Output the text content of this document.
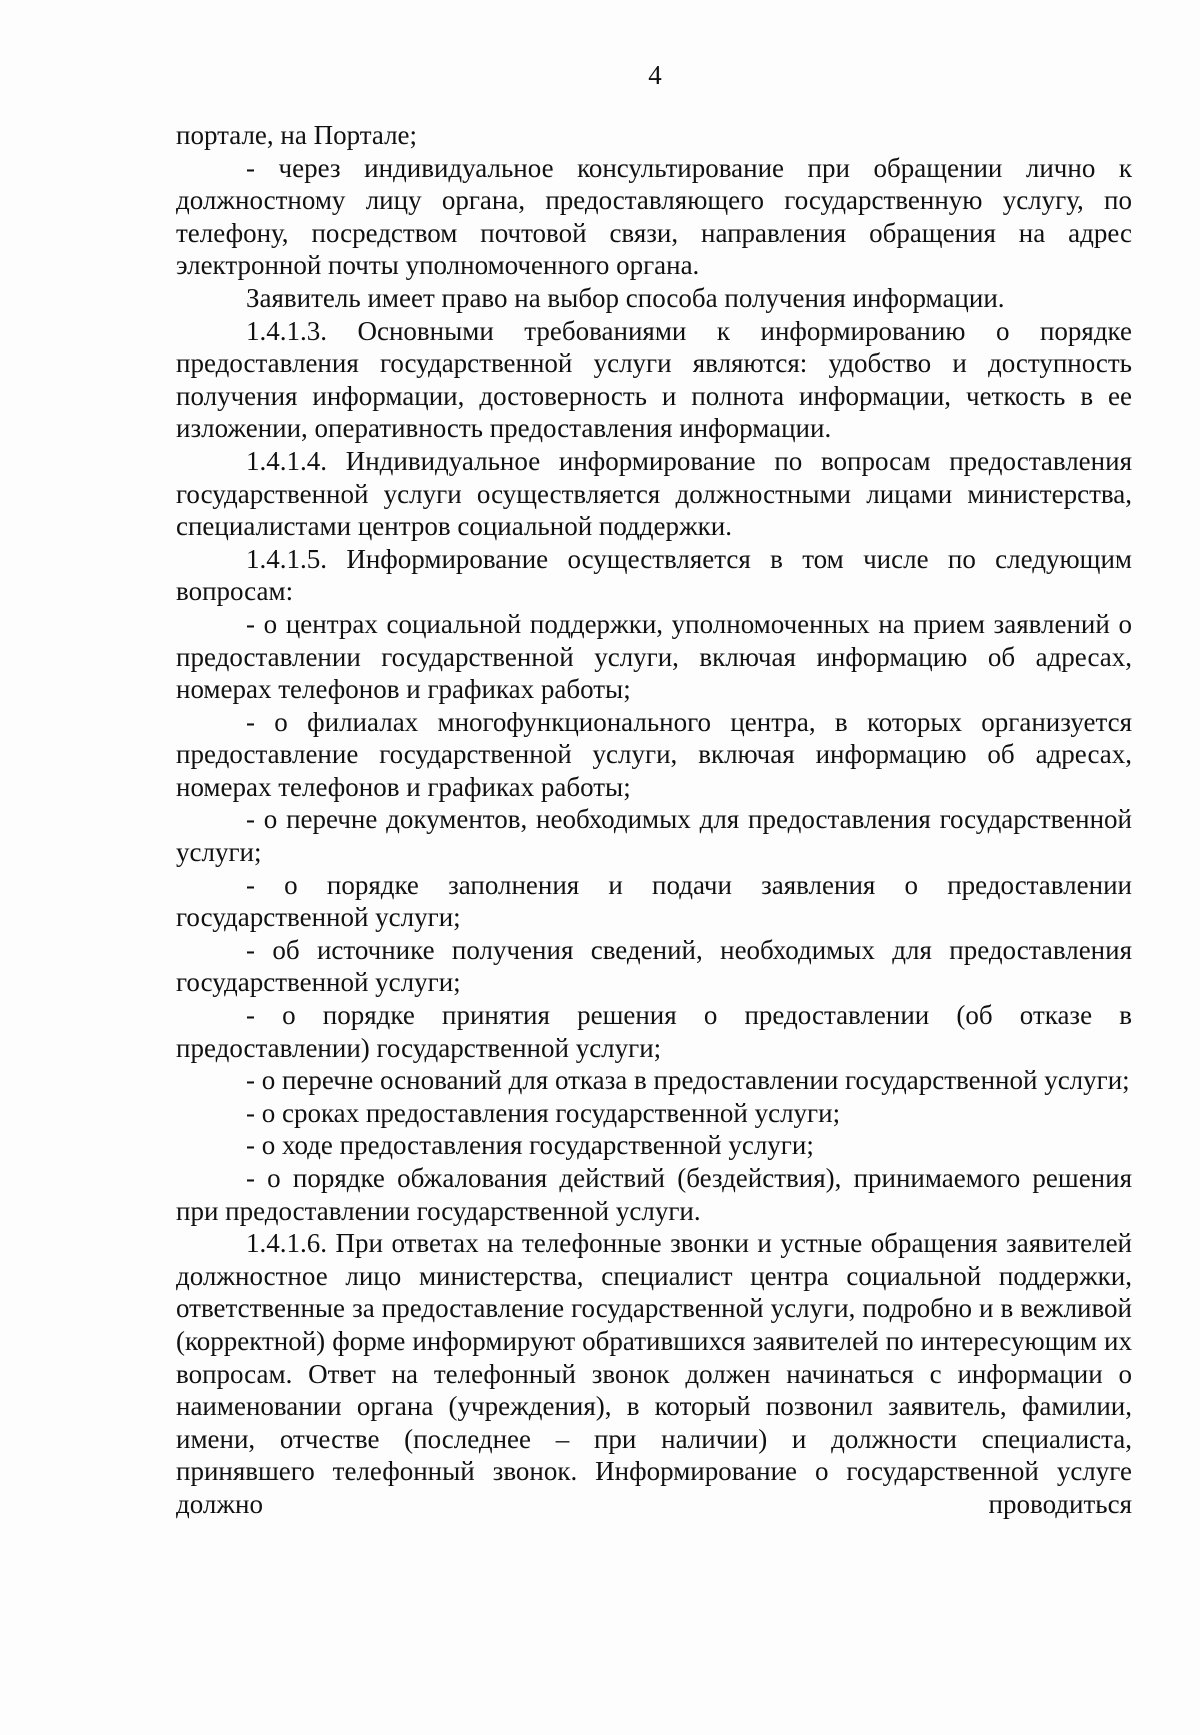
4

портале, на Портале;

- через индивидуальное консультирование при обращении лично к должностному лицу органа, предоставляющего государственную услугу, по телефону, посредством почтовой связи, направления обращения на адрес электронной почты уполномоченного органа.

Заявитель имеет право на выбор способа получения информации.

1.4.1.3. Основными требованиями к информированию о порядке предоставления государственной услуги являются: удобство и доступность получения информации, достоверность и полнота информации, четкость в ее изложении, оперативность предоставления информации.

1.4.1.4. Индивидуальное информирование по вопросам предоставления государственной услуги осуществляется должностными лицами министерства, специалистами центров социальной поддержки.

1.4.1.5. Информирование осуществляется в том числе по следующим вопросам:

- о центрах социальной поддержки, уполномоченных на прием заявлений о предоставлении государственной услуги, включая информацию об адресах, номерах телефонов и графиках работы;

- о филиалах многофункционального центра, в которых организуется предоставление государственной услуги, включая информацию об адресах, номерах телефонов и графиках работы;

- о перечне документов, необходимых для предоставления государственной услуги;

- о порядке заполнения и подачи заявления о предоставлении государственной услуги;

- об источнике получения сведений, необходимых для предоставления государственной услуги;

- о порядке принятия решения о предоставлении (об отказе в предоставлении) государственной услуги;

- о перечне оснований для отказа в предоставлении государственной услуги;

- о сроках предоставления государственной услуги;

- о ходе предоставления государственной услуги;

- о порядке обжалования действий (бездействия), принимаемого решения при предоставлении государственной услуги.

1.4.1.6. При ответах на телефонные звонки и устные обращения заявителей должностное лицо министерства, специалист центра социальной поддержки, ответственные за предоставление государственной услуги, подробно и в вежливой (корректной) форме информируют обратившихся заявителей по интересующим их вопросам. Ответ на телефонный звонок должен начинаться с информации о наименовании органа (учреждения), в который позвонил заявитель, фамилии, имени, отчестве (последнее – при наличии) и должности специалиста, принявшего телефонный звонок. Информирование о государственной услуге должно проводиться
